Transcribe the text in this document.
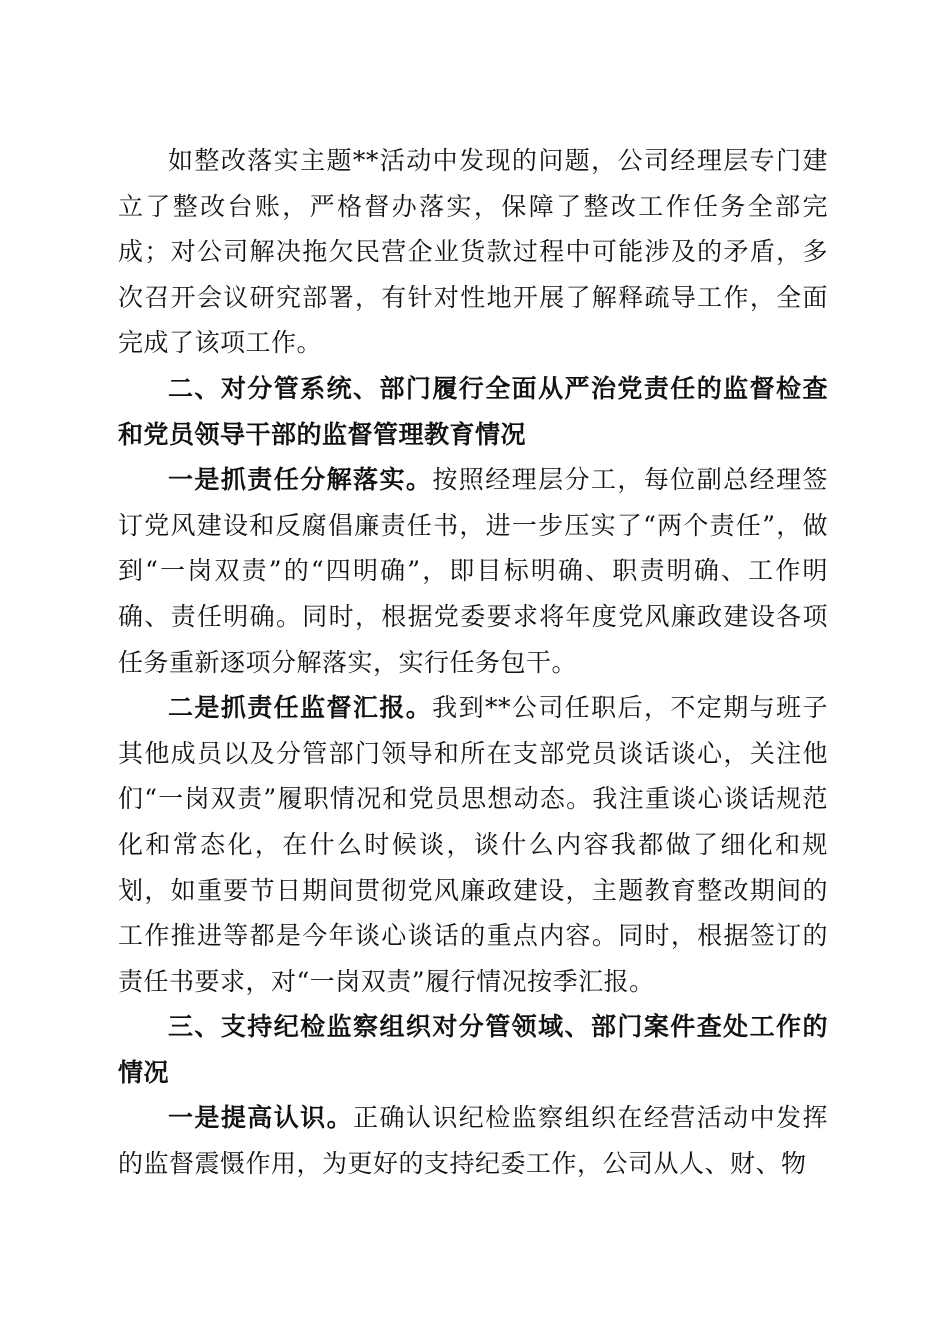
如整改落实主题**活动中发现的问题，公司经理层专门建立了整改台账，严格督办落实，保障了整改工作任务全部完成；对公司解决拖欠民营企业货款过程中可能涉及的矛盾，多次召开会议研究部署，有针对性地开展了解释疏导工作，全面完成了该项工作。

二、对分管系统、部门履行全面从严治党责任的监督检查和党员领导干部的监督管理教育情况

一是抓责任分解落实。按照经理层分工，每位副总经理签订党风建设和反腐倡廉责任书，进一步压实了“两个责任”，做到“一岗双责”的“四明确”，即目标明确、职责明确、工作明确、责任明确。同时，根据党委要求将年度党风廉政建设各项任务重新逐项分解落实，实行任务包干。

二是抓责任监督汇报。我到**公司任职后，不定期与班子其他成员以及分管部门领导和所在支部党员谈话谈心，关注他们“一岗双责”履职情况和党员思想动态。我注重谈心谈话规范化和常态化，在什么时候谈，谈什么内容我都做了细化和规划，如重要节日期间贯彻党风廉政建设，主题教育整改期间的工作推进等都是今年谈心谈话的重点内容。同时，根据签订的责任书要求，对“一岗双责”履行情况按季汇报。

三、支持纪检监察组织对分管领域、部门案件查处工作的情况

一是提高认识。正确认识纪检监察组织在经营活动中发挥的监督震慑作用，为更好的支持纪委工作，公司从人、财、物
